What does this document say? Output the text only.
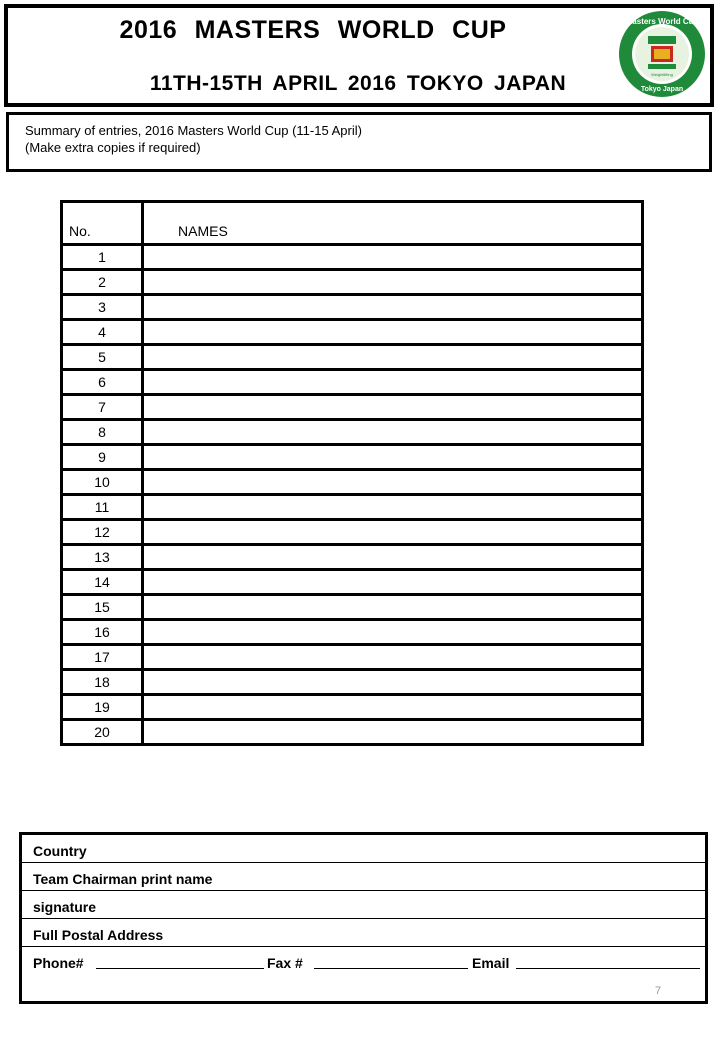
2016 MASTERS WORLD CUP
11TH-15TH APRIL 2016 TOKYO JAPAN
Masters World Cup
Tokyo Japan
Weightlifting
Summary of entries, 2016 Masters World Cup (11-15 April)
(Make extra copies if required)
No.	NAMES
1	
2	
3	
4	
5	
6	
7	
8	
9	
10	
11	
12	
13	
14	
15	
16	
17	
18	
19	
20	
Country
Team Chairman print name
signature
Full Postal Address
Phone#	Fax #	Email
7
